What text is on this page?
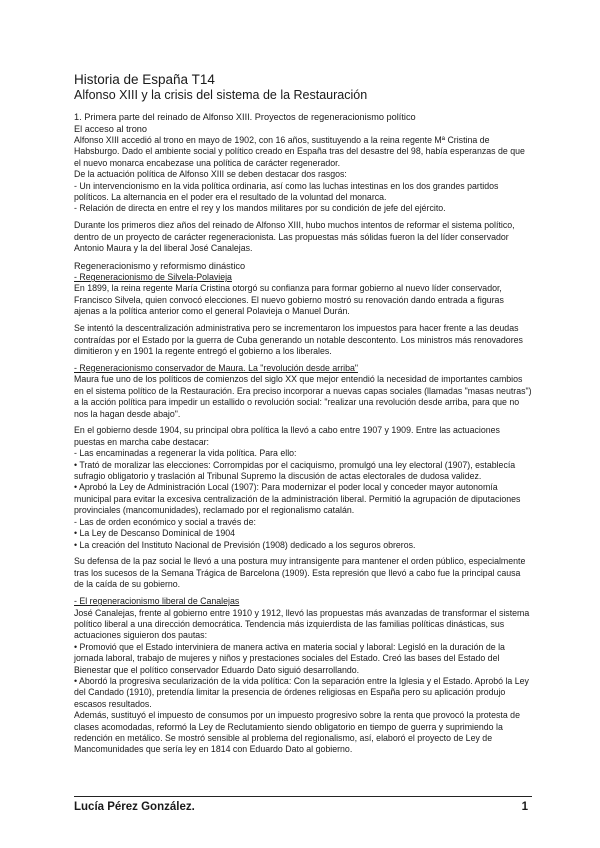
Historia de España T14
Alfonso XIII y la crisis del sistema de la Restauración
1. Primera parte del reinado de Alfonso XIII. Proyectos de regeneracionismo político
El acceso al trono

Alfonso XIII accedió al trono en mayo de 1902, con 16 años, sustituyendo a la reina regente Mª Cristina de Habsburgo. Dado el ambiente social y político creado en España tras del desastre del 98, había esperanzas de que el nuevo monarca encabezase una política de carácter regenerador.

De la actuación política de Alfonso XIII se deben destacar dos rasgos:

- Un intervencionismo en la vida política ordinaria, así como las luchas intestinas en los dos grandes partidos políticos. La alternancia en el poder era el resultado de la voluntad del monarca.

- Relación de directa en entre el rey y los mandos militares por su condición de jefe del ejército.

Durante los primeros diez años del reinado de Alfonso XIII, hubo muchos intentos de reformar el sistema político, dentro de un proyecto de carácter regeneracionista. Las propuestas más sólidas fueron la del líder conservador Antonio Maura y la del liberal José Canalejas.

Regeneracionismo y reformismo dinástico
- Regeneracionismo de Silvela-Polavieja

En 1899, la reina regente María Cristina otorgó su confianza para formar gobierno al nuevo líder conservador, Francisco Silvela, quien convocó elecciones. El nuevo gobierno mostró su renovación dando entrada a figuras ajenas a la política anterior como el general Polavieja o Manuel Durán.

Se intentó la descentralización administrativa pero se incrementaron los impuestos para hacer frente a las deudas contraídas por el Estado por la guerra de Cuba generando un notable descontento. Los ministros más renovadores dimitieron y en 1901 la regente entregó el gobierno a los liberales.

- Regeneracionismo conservador de Maura. La "revolución desde arriba"

Maura fue uno de los políticos de comienzos del siglo XX que mejor entendió la necesidad de importantes cambios en el sistema político de la Restauración. Era preciso incorporar a nuevas capas sociales (llamadas "masas neutras") a la acción política para impedir un estallido o revolución social: "realizar una revolución desde arriba, para que no nos la hagan desde abajo".

En el gobierno desde 1904, su principal obra política la llevó a cabo entre 1907 y 1909. Entre las actuaciones puestas en marcha cabe destacar:

- Las encaminadas a regenerar la vida política. Para ello:

• Trató de moralizar las elecciones: Corrompidas por el caciquismo, promulgó una ley electoral (1907), establecía sufragio obligatorio y traslación al Tribunal Supremo la discusión de actas electorales de dudosa validez.

• Aprobó la Ley de Administración Local (1907): Para modernizar el poder local y conceder mayor autonomía municipal para evitar la excesiva centralización de la administración liberal. Permitió la agrupación de diputaciones provinciales (mancomunidades), reclamado por el regionalismo catalán.

- Las de orden económico y social a través de:

• La Ley de Descanso Dominical de 1904

• La creación del Instituto Nacional de Previsión (1908) dedicado a los seguros obreros.

Su defensa de la paz social le llevó a una postura muy intransigente para mantener el orden público, especialmente tras los sucesos de la Semana Trágica de Barcelona (1909). Esta represión que llevó a cabo fue la principal causa de la caída de su gobierno.

- El regeneracionismo liberal de Canalejas

José Canalejas, frente al gobierno entre 1910 y 1912, llevó las propuestas más avanzadas de transformar el sistema político liberal a una dirección democrática. Tendencia más izquierdista de las familias políticas dinásticas, sus actuaciones siguieron dos pautas:

• Promovió que el Estado interviniera de manera activa en materia social y laboral: Legisló en la duración de la jornada laboral, trabajo de mujeres y niños y prestaciones sociales del Estado. Creó las bases del Estado del Bienestar que el político conservador Eduardo Dato siguió desarrollando.

• Abordó la progresiva secularización de la vida política: Con la separación entre la Iglesia y el Estado. Aprobó la Ley del Candado (1910), pretendía limitar la presencia de órdenes religiosas en España pero su aplicación produjo escasos resultados.

Además, sustituyó el impuesto de consumos por un impuesto progresivo sobre la renta que provocó la protesta de clases acomodadas, reformó la Ley de Reclutamiento siendo obligatorio en tiempo de guerra y suprimiendo la redención en metálico. Se mostró sensible al problema del regionalismo, así, elaboró el proyecto de Ley de Mancomunidades que sería ley en 1814 con Eduardo Dato al gobierno.

Lucía Pérez González.	1
